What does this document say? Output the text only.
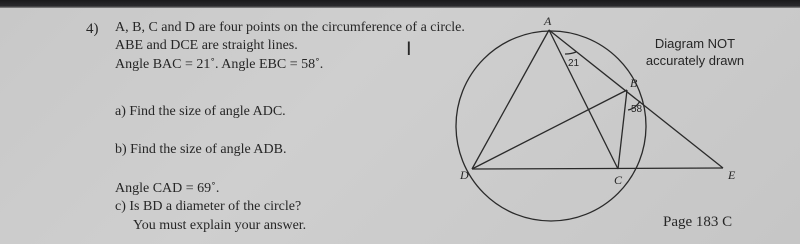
4) A, B, C and D are four points on the circumference of a circle.
ABE and DCE are straight lines.
Angle BAC = 21˚. Angle EBC = 58˚.
I
a) Find the size of angle ADC.
b) Find the size of angle ADB.
Angle CAD = 69˚.
c) Is BD a diameter of the circle?
You must explain your answer.
Diagram NOT
accurately drawn
A
B
C
D	E
21
58
Page 183 C
